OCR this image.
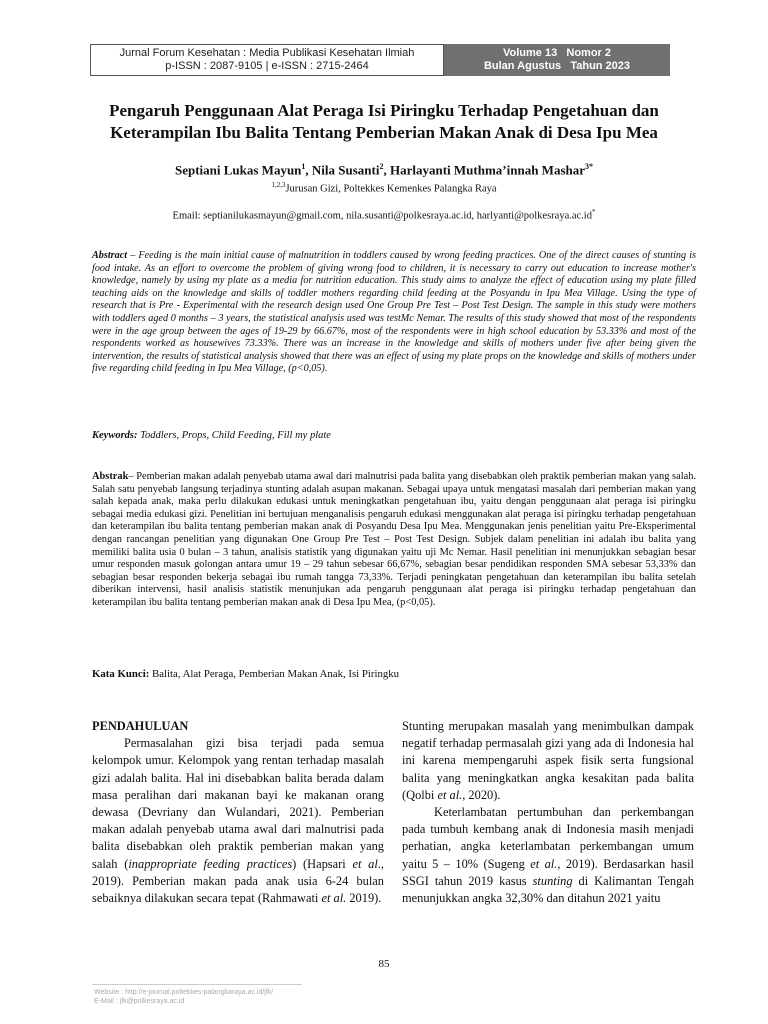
Jurnal Forum Kesehatan : Media Publikasi Kesehatan Ilmiah
p-ISSN : 2087-9105 | e-ISSN : 2715-2464
Volume 13   Nomor 2
Bulan Agustus   Tahun 2023
Pengaruh Penggunaan Alat Peraga Isi Piringku Terhadap Pengetahuan dan Keterampilan Ibu Balita Tentang Pemberian Makan Anak di Desa Ipu Mea
Septiani Lukas Mayun$^1$, Nila Susanti$^2$, Harlayanti Muthma’innah Mashar$^{3*}$
$^{1,2,3}$Jurusan Gizi, Poltekkes Kemenkes Palangka Raya
Email: septianilukasmayun@gmail.com, nila.susanti@polkesraya.ac.id, harlyanti@polkesraya.ac.id*
Abstract – Feeding is the main initial cause of malnutrition in toddlers caused by wrong feeding practices. One of the direct causes of stunting is food intake. As an effort to overcome the problem of giving wrong food to children, it is necessary to carry out education to increase mother's knowledge, namely by using my plate as a media for nutrition education. This study aims to analyze the effect of education using my plate filled teaching aids on the knowledge and skills of toddler mothers regarding child feeding at the Posyandu in Ipu Mea Village. Using the type of research that is Pre - Experimental with the research design used One Group Pre Test – Post Test Design. The sample in this study were mothers with toddlers aged 0 months – 3 years, the statistical analysis used was testMc Nemar. The results of this study showed that most of the respondents were in the age group between the ages of 19-29 by 66.67%, most of the respondents were in high school education by 53.33% and most of the respondents worked as housewives 73.33%. There was an increase in the knowledge and skills of mothers under five after being given the intervention, the results of statistical analysis showed that there was an effect of using my plate props on the knowledge and skills of mothers under five regarding child feeding in Ipu Mea Village, (p<0,05).
Keywords: Toddlers, Props, Child Feeding, Fill my plate
Abstrak– Pemberian makan adalah penyebab utama awal dari malnutrisi pada balita yang disebabkan oleh praktik pemberian makan yang salah. Salah satu penyebab langsung terjadinya stunting adalah asupan makanan. Sebagai upaya untuk mengatasi masalah dari pemberian makan yang salah kepada anak, maka perlu dilakukan edukasi untuk meningkatkan pengetahuan ibu, yaitu dengan penggunaan alat peraga isi piringku sebagai media edukasi gizi. Penelitian ini bertujuan menganalisis pengaruh edukasi menggunakan alat peraga isi piringku terhadap pengetahuan dan keterampilan ibu balita tentang pemberian makan anak di Posyandu Desa Ipu Mea. Menggunakan jenis penelitian yaitu Pre-Eksperimental dengan rancangan penelitian yang digunakan One Group Pre Test – Post Test Design. Subjek dalam penelitian ini adalah ibu balita yang memiliki balita usia 0 bulan – 3 tahun, analisis statistik yang digunakan yaitu uji Mc Nemar. Hasil penelitian ini menunjukkan sebagian besar umur responden masuk golongan antara umur 19 – 29 tahun sebesar 66,67%, sebagian besar pendidikan responden SMA sebesar 53,33% dan sebagian besar responden bekerja sebagai ibu rumah tangga 73,33%. Terjadi peningkatan pengetahuan dan keterampilan ibu balita setelah diberikan intervensi, hasil analisis statistik menunjukan ada pengaruh penggunaan alat peraga isi piringku terhadap pengetahuan dan keterampilan ibu balita tentang pemberian makan anak di Desa Ipu Mea, (p<0,05).
Kata Kunci: Balita, Alat Peraga, Pemberian Makan Anak, Isi Piringku

PENDAHULUAN

Permasalahan gizi bisa terjadi pada semua kelompok umur. Kelompok yang rentan terhadap masalah gizi adalah balita. Hal ini disebabkan balita berada dalam masa peralihan dari makanan bayi ke makanan orang dewasa (Devriany dan Wulandari, 2021). Pemberian makan adalah penyebab utama awal dari malnutrisi pada balita disebabkan oleh praktik pemberian makan yang salah (inappropriate feeding practices) (Hapsari et al., 2019). Pemberian makan pada anak usia 6-24 bulan sebaiknya dilakukan secara tepat (Rahmawati et al. 2019).

Stunting merupakan masalah yang menimbulkan dampak negatif terhadap permasalah gizi yang ada di Indonesia hal ini karena mempengaruhi aspek fisik serta fungsional balita yang meningkatkan angka kesakitan pada balita (Qolbi et al., 2020).

Keterlambatan pertumbuhan dan perkembangan pada tumbuh kembang anak di Indonesia masih menjadi perhatian, angka keterlambatan perkembangan umum yaitu 5 – 10% (Sugeng et al., 2019). Berdasarkan hasil SSGI tahun 2019 kasus stunting di Kalimantan Tengah menunjukkan angka 32,30% dan ditahun 2021 yaitu

85
Website : http://e-journal.poltekkes-palangkaraya.ac.id/jfk/
E-Mail : jfk@polkesraya.ac.id
